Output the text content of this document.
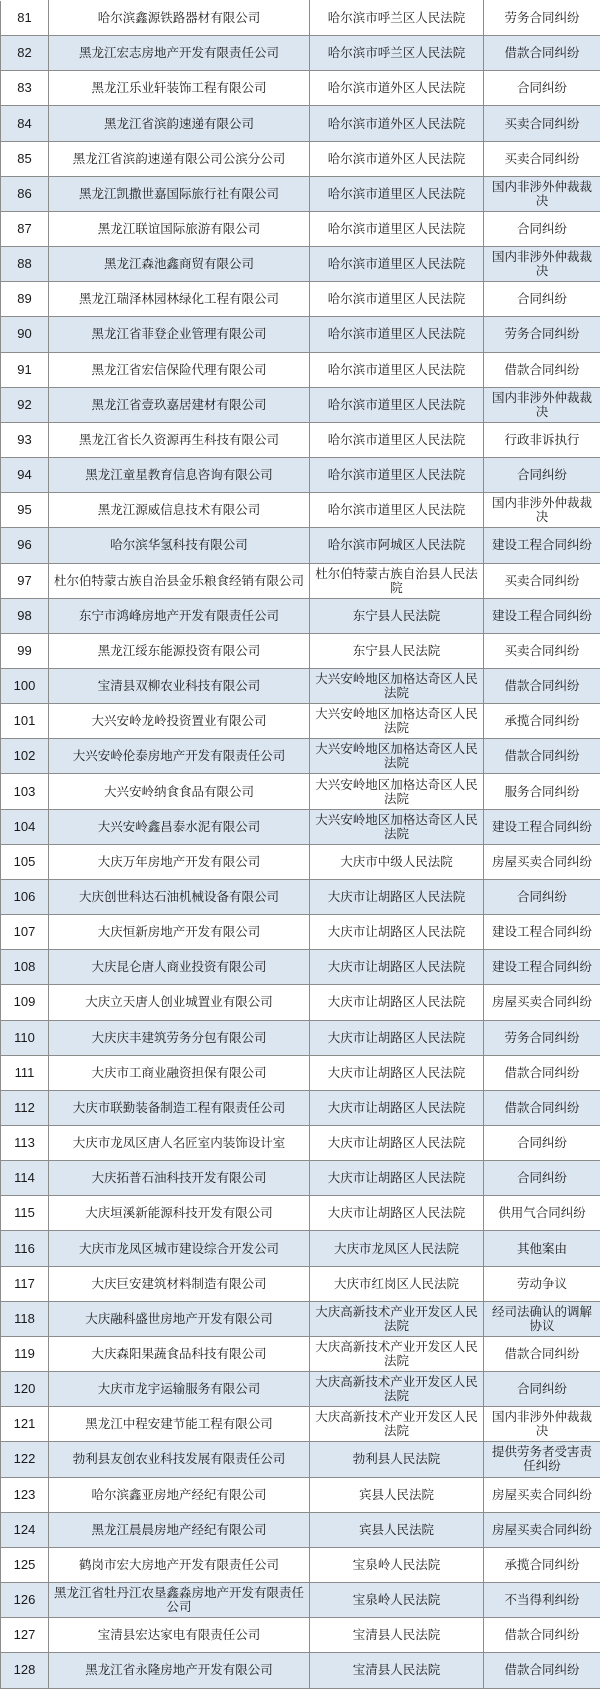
81	哈尔滨鑫源铁路器材有限公司	哈尔滨市呼兰区人民法院	劳务合同纠纷
82	黑龙江宏志房地产开发有限责任公司	哈尔滨市呼兰区人民法院	借款合同纠纷
83	黑龙江乐业轩装饰工程有限公司	哈尔滨市道外区人民法院	合同纠纷
84	黑龙江省滨韵速递有限公司	哈尔滨市道外区人民法院	买卖合同纠纷
85	黑龙江省滨韵速递有限公司公滨分公司	哈尔滨市道外区人民法院	买卖合同纠纷
86	黑龙江凯撒世嘉国际旅行社有限公司	哈尔滨市道里区人民法院	国内非涉外仲裁裁决
87	黑龙江联谊国际旅游有限公司	哈尔滨市道里区人民法院	合同纠纷
88	黑龙江森池鑫商贸有限公司	哈尔滨市道里区人民法院	国内非涉外仲裁裁决
89	黑龙江瑞泽林园林绿化工程有限公司	哈尔滨市道里区人民法院	合同纠纷
90	黑龙江省菲登企业管理有限公司	哈尔滨市道里区人民法院	劳务合同纠纷
91	黑龙江省宏信保险代理有限公司	哈尔滨市道里区人民法院	借款合同纠纷
92	黑龙江省壹玖嘉居建材有限公司	哈尔滨市道里区人民法院	国内非涉外仲裁裁决
93	黑龙江省长久资源再生科技有限公司	哈尔滨市道里区人民法院	行政非诉执行
94	黑龙江童星教育信息咨询有限公司	哈尔滨市道里区人民法院	合同纠纷
95	黑龙江源威信息技术有限公司	哈尔滨市道里区人民法院	国内非涉外仲裁裁决
96	哈尔滨华氢科技有限公司	哈尔滨市阿城区人民法院	建设工程合同纠纷
97	杜尔伯特蒙古族自治县金乐粮食经销有限公司	杜尔伯特蒙古族自治县人民法院	买卖合同纠纷
98	东宁市鸿峰房地产开发有限责任公司	东宁县人民法院	建设工程合同纠纷
99	黑龙江绥东能源投资有限公司	东宁县人民法院	买卖合同纠纷
100	宝清县双柳农业科技有限公司	大兴安岭地区加格达奇区人民法院	借款合同纠纷
101	大兴安岭龙岭投资置业有限公司	大兴安岭地区加格达奇区人民法院	承揽合同纠纷
102	大兴安岭伦泰房地产开发有限责任公司	大兴安岭地区加格达奇区人民法院	借款合同纠纷
103	大兴安岭纳食食品有限公司	大兴安岭地区加格达奇区人民法院	服务合同纠纷
104	大兴安岭鑫昌泰水泥有限公司	大兴安岭地区加格达奇区人民法院	建设工程合同纠纷
105	大庆万年房地产开发有限公司	大庆市中级人民法院	房屋买卖合同纠纷
106	大庆创世科达石油机械设备有限公司	大庆市让胡路区人民法院	合同纠纷
107	大庆恒新房地产开发有限公司	大庆市让胡路区人民法院	建设工程合同纠纷
108	大庆昆仑唐人商业投资有限公司	大庆市让胡路区人民法院	建设工程合同纠纷
109	大庆立天唐人创业城置业有限公司	大庆市让胡路区人民法院	房屋买卖合同纠纷
110	大庆庆丰建筑劳务分包有限公司	大庆市让胡路区人民法院	劳务合同纠纷
111	大庆市工商业融资担保有限公司	大庆市让胡路区人民法院	借款合同纠纷
112	大庆市联勤装备制造工程有限责任公司	大庆市让胡路区人民法院	借款合同纠纷
113	大庆市龙凤区唐人名匠室内装饰设计室	大庆市让胡路区人民法院	合同纠纷
114	大庆拓普石油科技开发有限公司	大庆市让胡路区人民法院	合同纠纷
115	大庆垣溪新能源科技开发有限公司	大庆市让胡路区人民法院	供用气合同纠纷
116	大庆市龙凤区城市建设综合开发公司	大庆市龙凤区人民法院	其他案由
117	大庆巨安建筑材料制造有限公司	大庆市红岗区人民法院	劳动争议
118	大庆融科盛世房地产开发有限公司	大庆高新技术产业开发区人民法院	经司法确认的调解协议
119	大庆森阳果蔬食品科技有限公司	大庆高新技术产业开发区人民法院	借款合同纠纷
120	大庆市龙宇运输服务有限公司	大庆高新技术产业开发区人民法院	合同纠纷
121	黑龙江中程安建节能工程有限公司	大庆高新技术产业开发区人民法院	国内非涉外仲裁裁决
122	勃利县友创农业科技发展有限责任公司	勃利县人民法院	提供劳务者受害责任纠纷
123	哈尔滨鑫亚房地产经纪有限公司	宾县人民法院	房屋买卖合同纠纷
124	黑龙江晨晨房地产经纪有限公司	宾县人民法院	房屋买卖合同纠纷
125	鹤岗市宏大房地产开发有限责任公司	宝泉岭人民法院	承揽合同纠纷
126	黑龙江省牡丹江农垦鑫淼房地产开发有限责任公司	宝泉岭人民法院	不当得利纠纷
127	宝清县宏达家电有限责任公司	宝清县人民法院	借款合同纠纷
128	黑龙江省永隆房地产开发有限公司	宝清县人民法院	借款合同纠纷
